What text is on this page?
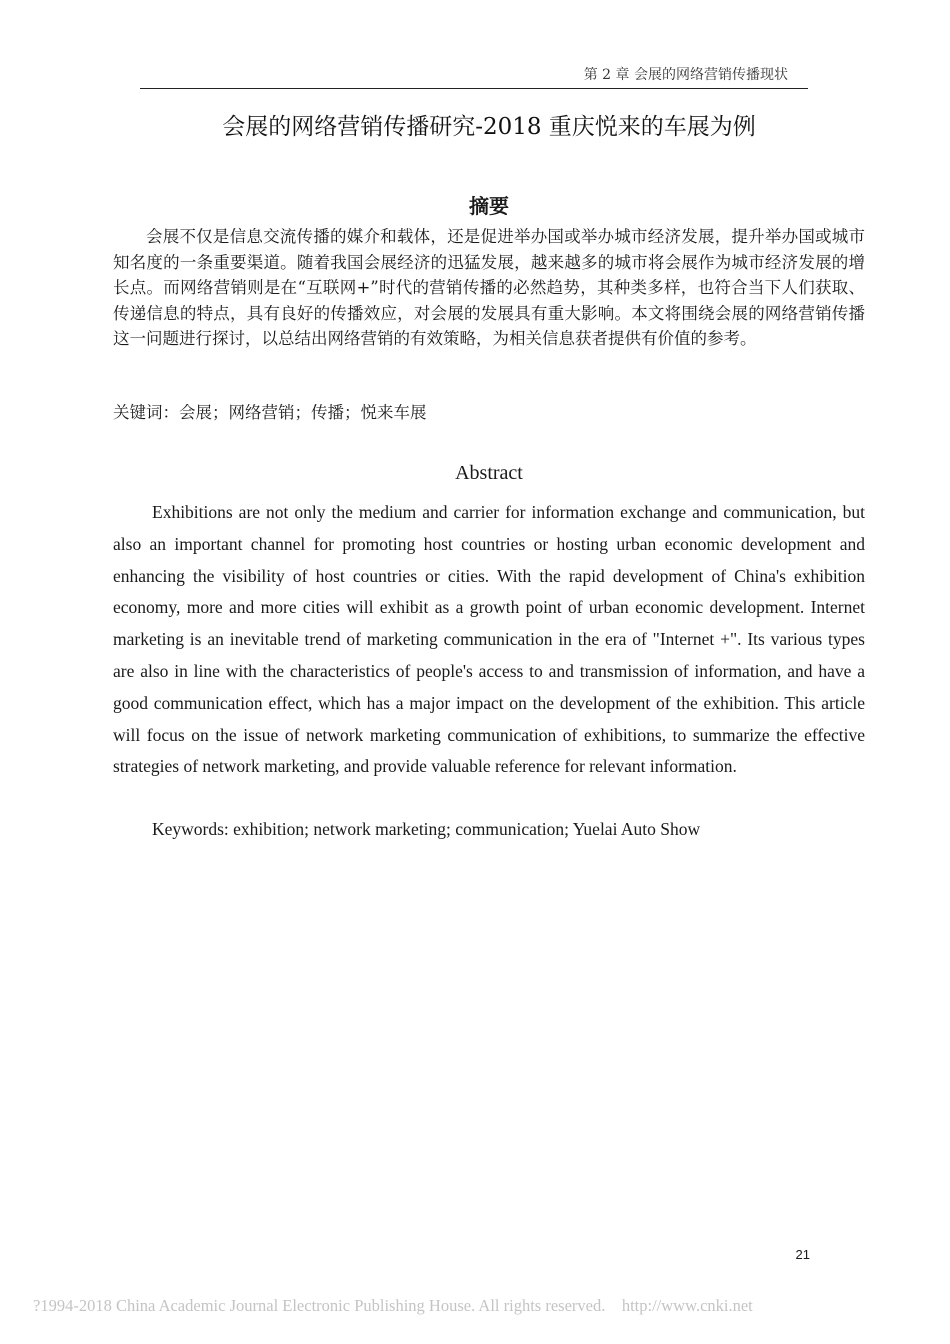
第 2 章 会展的网络营销传播现状
会展的网络营销传播研究-2018 重庆悦来的车展为例
摘要

会展不仅是信息交流传播的媒介和载体，还是促进举办国或举办城市经济发展，提升举办国或城市知名度的一条重要渠道。随着我国会展经济的迅猛发展，越来越多的城市将会展作为城市经济发展的增长点。而网络营销则是在“互联网+”时代的营销传播的必然趋势，其种类多样，也符合当下人们获取、传递信息的特点，具有良好的传播效应，对会展的发展具有重大影响。本文将围绕会展的网络营销传播这一问题进行探讨，以总结出网络营销的有效策略，为相关信息获者提供有价值的参考。

关键词：会展；网络营销；传播；悦来车展

Abstract

Exhibitions are not only the medium and carrier for information exchange and communication, but also an important channel for promoting host countries or hosting urban economic development and enhancing the visibility of host countries or cities. With the rapid development of China's exhibition economy, more and more cities will exhibit as a growth point of urban economic development. Internet marketing is an inevitable trend of marketing communication in the era of "Internet +". Its various types are also in line with the characteristics of people's access to and transmission of information, and have a good communication effect, which has a major impact on the development of the exhibition. This article will focus on the issue of network marketing communication of exhibitions, to summarize the effective strategies of network marketing, and provide valuable reference for relevant information.

Keywords: exhibition; network marketing; communication; Yuelai Auto Show

21
?1994-2018 China Academic Journal Electronic Publishing House. All rights reserved.    http://www.cnki.net
